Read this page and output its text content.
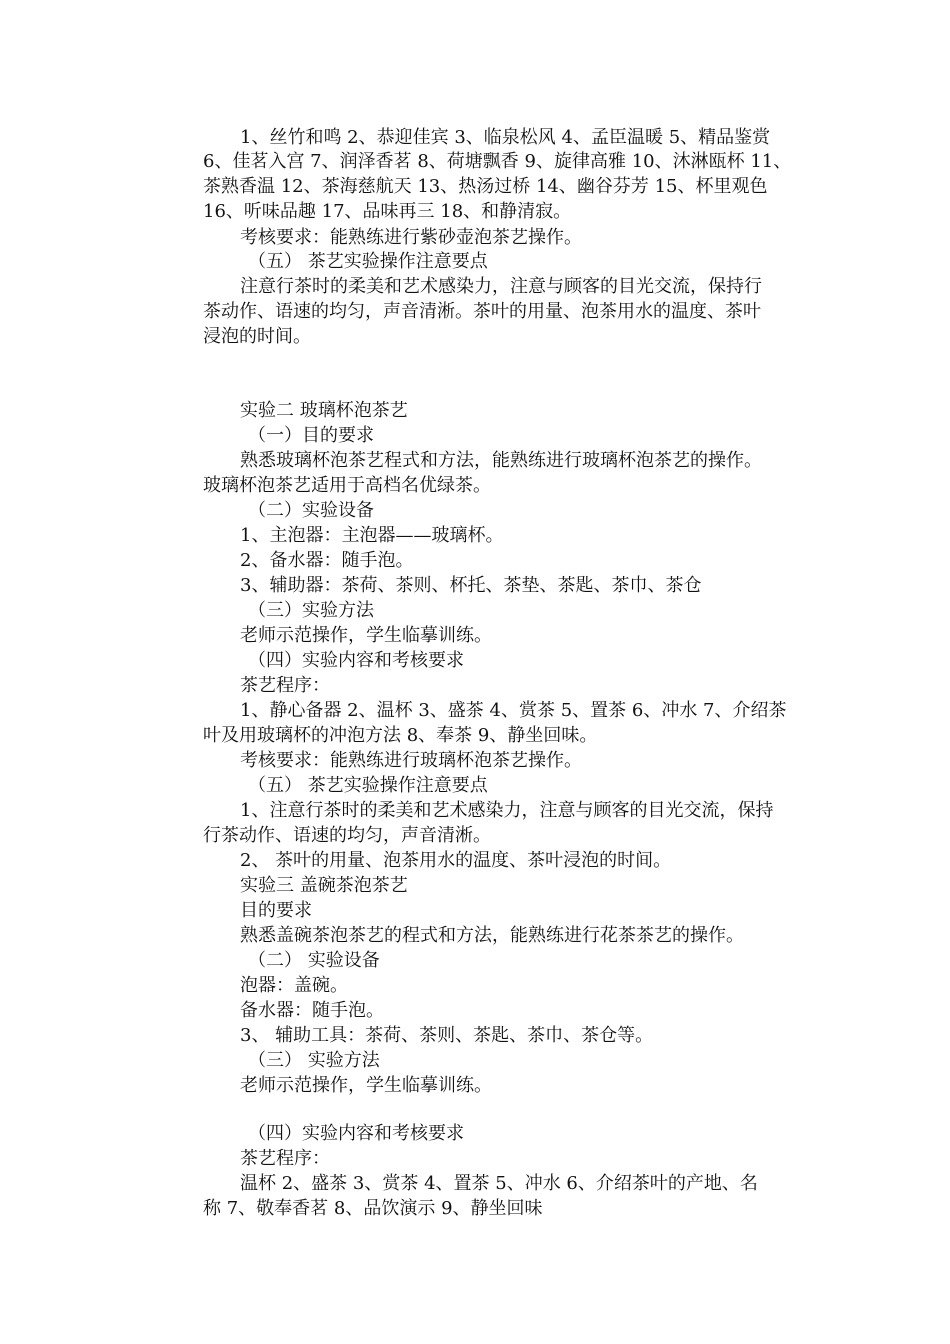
1、丝竹和鸣 2、恭迎佳宾 3、临泉松风 4、孟臣温暖 5、精品鉴赏
6、佳茗入宫 7、润泽香茗 8、荷塘飘香 9、旋律高雅 10、沐淋瓯杯 11、
茶熟香温 12、茶海慈航天 13、热汤过桥 14、幽谷芬芳 15、杯里观色
16、听味品趣 17、品味再三 18、和静清寂。
考核要求：能熟练进行紫砂壶泡茶艺操作。
（五） 茶艺实验操作注意要点
注意行茶时的柔美和艺术感染力，注意与顾客的目光交流，保持行
茶动作、语速的均匀，声音清淅。茶叶的用量、泡茶用水的温度、茶叶
浸泡的时间。
实验二 玻璃杯泡茶艺
（一）目的要求
熟悉玻璃杯泡茶艺程式和方法，能熟练进行玻璃杯泡茶艺的操作。
玻璃杯泡茶艺适用于高档名优绿茶。
（二）实验设备
1、主泡器：主泡器——玻璃杯。
2、备水器：随手泡。
3、辅助器：茶荷、茶则、杯托、茶垫、茶匙、茶巾、茶仓
（三）实验方法
老师示范操作，学生临摹训练。
（四）实验内容和考核要求
茶艺程序：
1、静心备器 2、温杯 3、盛茶 4、赏茶 5、置茶 6、冲水 7、介绍茶
叶及用玻璃杯的冲泡方法 8、奉茶 9、静坐回味。
考核要求：能熟练进行玻璃杯泡茶艺操作。
（五） 茶艺实验操作注意要点
1、注意行茶时的柔美和艺术感染力，注意与顾客的目光交流，保持
行茶动作、语速的均匀，声音清淅。
2、 茶叶的用量、泡茶用水的温度、茶叶浸泡的时间。
实验三 盖碗茶泡茶艺
目的要求
熟悉盖碗茶泡茶艺的程式和方法，能熟练进行花茶茶艺的操作。
（二） 实验设备
泡器：盖碗。
备水器：随手泡。
3、 辅助工具：茶荷、茶则、茶匙、茶巾、茶仓等。
（三） 实验方法
老师示范操作，学生临摹训练。
（四）实验内容和考核要求
茶艺程序：
温杯 2、盛茶 3、赏茶 4、置茶 5、冲水 6、介绍茶叶的产地、名
称 7、敬奉香茗 8、品饮演示 9、静坐回味
